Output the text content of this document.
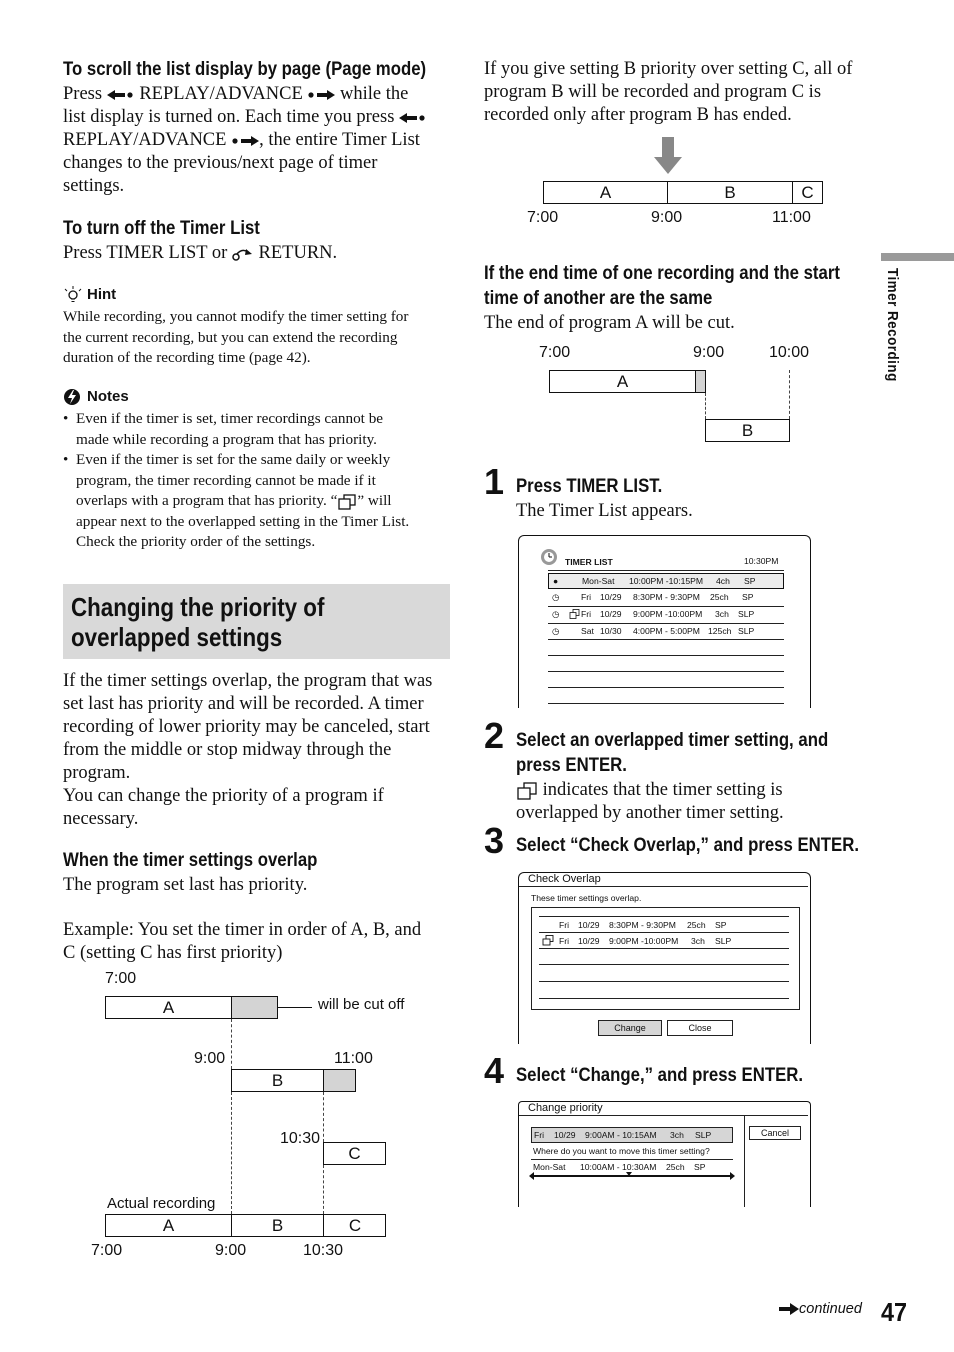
To scroll the list display by page (Page mode)
Press REPLAY/ADVANCE while the
list display is turned on. Each time you press
REPLAY/ADVANCE , the entire Timer List
changes to the previous/next page of timer
settings.
To turn off the Timer List
Press TIMER LIST or RETURN.
Hint
While recording, you cannot modify the timer setting for
the current recording, but you can extend the recording
duration of the recording time (page 42).
Notes
• Even if the timer is set, timer recordings cannot be
made while recording a program that has priority.
• Even if the timer is set for the same daily or weekly
program, the timer recording cannot be made if it
overlaps with a program that has priority. “ ” will
appear next to the overlapped setting in the Timer List.
Check the priority order of the settings.
Changing the priority of
overlapped settings
If the timer settings overlap, the program that was
set last has priority and will be recorded. A timer
recording of lower priority may be canceled, start
from the middle or stop midway through the
program.
You can change the priority of a program if
necessary.
When the timer settings overlap
The program set last has priority.
Example: You set the timer in order of A, B, and
C (setting C has first priority)
7:00
A	will be cut off
9:00	11:00
B
10:30
C
Actual recording
A	B	C
7:00	9:00	10:30
If you give setting B priority over setting C, all of
program B will be recorded and program C is
recorded only after program B has ended.
A	B	C
7:00	9:00	11:00
If the end time of one recording and the start
time of another are the same
The end of program A will be cut.
7:00	9:00	10:00
A
B
1 Press TIMER LIST.
The Timer List appears.
TIMER LIST	10:30PM
●	Mon-Sat 10:00PM -10:15PM 4ch SP
◷	Fri 10/29 8:30PM - 9:30PM 25ch SP
◷	Fri 10/29 9:00PM -10:00PM 3ch SLP
◷	Sat 10/30 4:00PM - 5:00PM 125ch SLP
2 Select an overlapped timer setting, and
press ENTER.
indicates that the timer setting is
overlapped by another timer setting.
3 Select “Check Overlap,” and press ENTER.
Check Overlap
These timer settings overlap.
Fri 10/29 8:30PM - 9:30PM 25ch SP
Fri 10/29 9:00PM -10:00PM 3ch SLP
Change	Close
4 Select “Change,” and press ENTER.
Change priority
Fri 10/29 9:00AM - 10:15AM 3ch SLP
Where do you want to move this timer setting?
Mon-Sat 10:00AM - 10:30AM 25ch SP
Cancel
Timer Recording
continued 47
